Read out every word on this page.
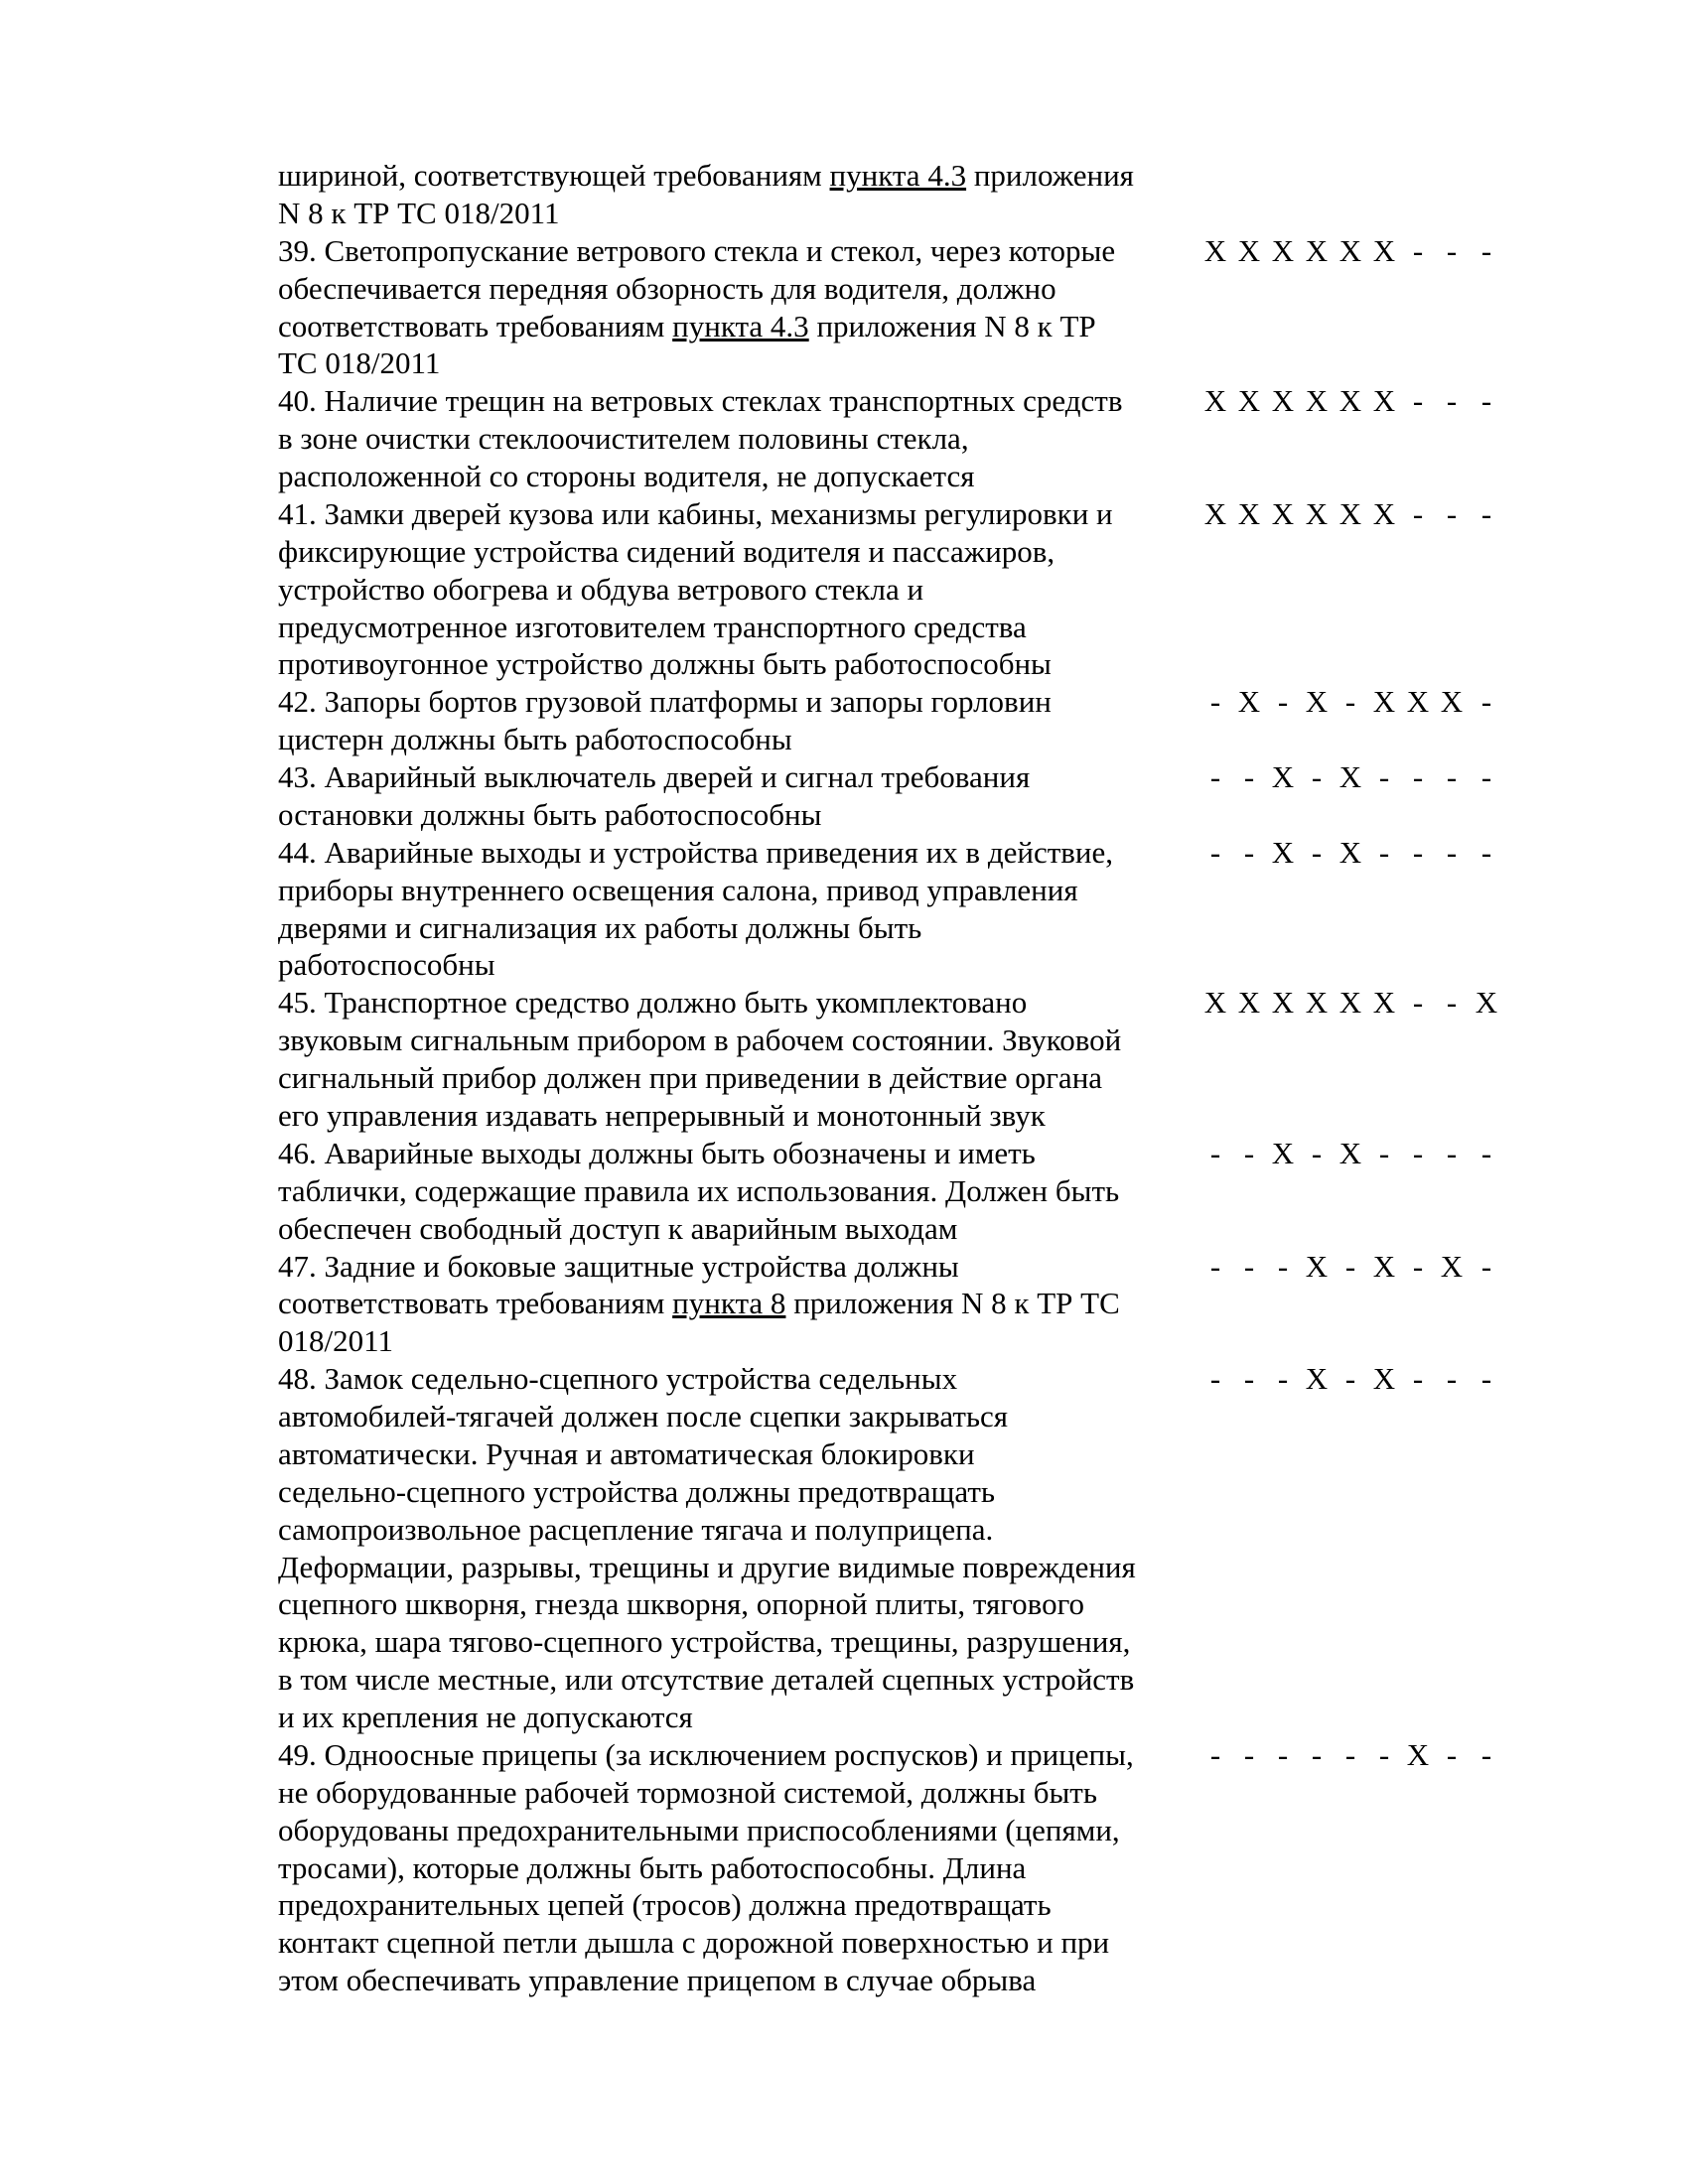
шириной, соответствующей требованиям пункта 4.3 приложения
N 8 к ТР ТС 018/2011
39. Светопропускание ветрового стекла и стекол, через которые
обеспечивается передняя обзорность для водителя, должно
соответствовать требованиям пункта 4.3 приложения N 8 к ТР
ТС 018/2011
X X X X X X - - -
40. Наличие трещин на ветровых стеклах транспортных средств
в зоне очистки стеклоочистителем половины стекла,
расположенной со стороны водителя, не допускается
X X X X X X - - -
41. Замки дверей кузова или кабины, механизмы регулировки и
фиксирующие устройства сидений водителя и пассажиров,
устройство обогрева и обдува ветрового стекла и
предусмотренное изготовителем транспортного средства
противоугонное устройство должны быть работоспособны
X X X X X X - - -
42. Запоры бортов грузовой платформы и запоры горловин
цистерн должны быть работоспособны
- X - X - X X X -
43. Аварийный выключатель дверей и сигнал требования
остановки должны быть работоспособны
- - X - X - - - -
44. Аварийные выходы и устройства приведения их в действие,
приборы внутреннего освещения салона, привод управления
дверями и сигнализация их работы должны быть
работоспособны
- - X - X - - - -
45. Транспортное средство должно быть укомплектовано
звуковым сигнальным прибором в рабочем состоянии. Звуковой
сигнальный прибор должен при приведении в действие органа
его управления издавать непрерывный и монотонный звук
X X X X X X - - X
46. Аварийные выходы должны быть обозначены и иметь
таблички, содержащие правила их использования. Должен быть
обеспечен свободный доступ к аварийным выходам
- - X - X - - - -
47. Задние и боковые защитные устройства должны
соответствовать требованиям пункта 8 приложения N 8 к ТР ТС
018/2011
- - - X - X - X -
48. Замок седельно-сцепного устройства седельных
автомобилей-тягачей должен после сцепки закрываться
автоматически. Ручная и автоматическая блокировки
седельно-сцепного устройства должны предотвращать
самопроизвольное расцепление тягача и полуприцепа.
Деформации, разрывы, трещины и другие видимые повреждения
сцепного шкворня, гнезда шкворня, опорной плиты, тягового
крюка, шара тягово-сцепного устройства, трещины, разрушения,
в том числе местные, или отсутствие деталей сцепных устройств
и их крепления не допускаются
- - - X - X - - -
49. Одноосные прицепы (за исключением роспусков) и прицепы,
не оборудованные рабочей тормозной системой, должны быть
оборудованы предохранительными приспособлениями (цепями,
тросами), которые должны быть работоспособны. Длина
предохранительных цепей (тросов) должна предотвращать
контакт сцепной петли дышла с дорожной поверхностью и при
этом обеспечивать управление прицепом в случае обрыва
- - - - - - X - -
